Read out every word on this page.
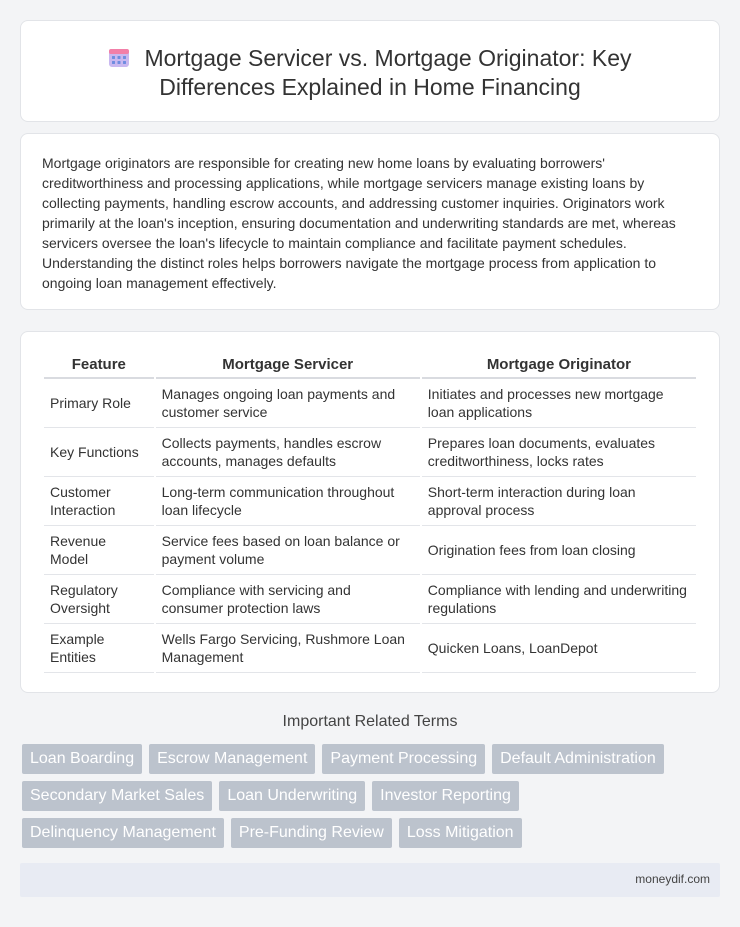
Mortgage Servicer vs. Mortgage Originator: Key
Differences Explained in Home Financing

Mortgage originators are responsible for creating new home loans by evaluating borrowers' creditworthiness and processing applications, while mortgage servicers manage existing loans by collecting payments, handling escrow accounts, and addressing customer inquiries. Originators work primarily at the loan's inception, ensuring documentation and underwriting standards are met, whereas servicers oversee the loan's lifecycle to maintain compliance and facilitate payment schedules. Understanding the distinct roles helps borrowers navigate the mortgage process from application to ongoing loan management effectively.

Feature	Mortgage Servicer	Mortgage Originator
Primary Role	Manages ongoing loan payments and customer service	Initiates and processes new mortgage loan applications
Key Functions	Collects payments, handles escrow accounts, manages defaults	Prepares loan documents, evaluates creditworthiness, locks rates
Customer Interaction	Long-term communication throughout loan lifecycle	Short-term interaction during loan approval process
Revenue Model	Service fees based on loan balance or payment volume	Origination fees from loan closing
Regulatory Oversight	Compliance with servicing and consumer protection laws	Compliance with lending and underwriting regulations
Example Entities	Wells Fargo Servicing, Rushmore Loan Management	Quicken Loans, LoanDepot
Important Related Terms
Loan Boarding	Escrow Management	Payment Processing	Default Administration
Secondary Market Sales	Loan Underwriting	Investor Reporting
Delinquency Management	Pre-Funding Review	Loss Mitigation
moneydif.com
